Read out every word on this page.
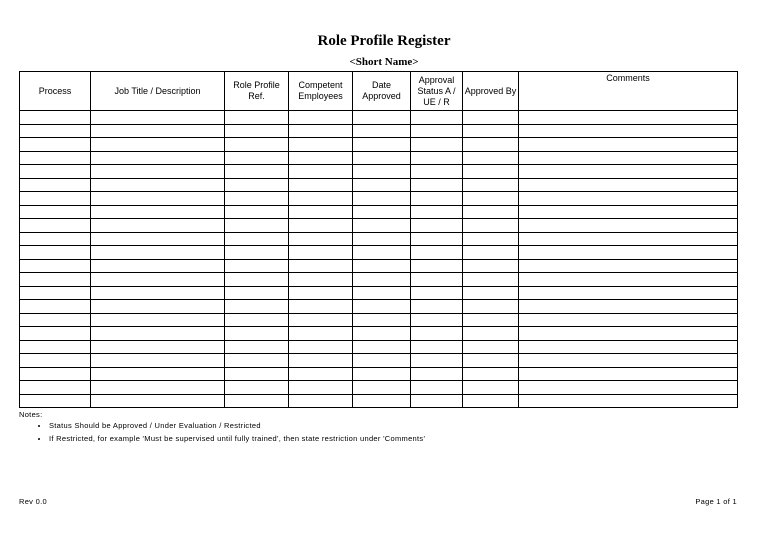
Role Profile Register
<Short Name>
Process	Job Title / Description	Role Profile Ref.	Competent Employees	Date Approved	Approval Status A / UE / R	Approved By	Comments

Notes:
• Status Should be Approved / Under Evaluation / Restricted
• If Restricted, for example 'Must be supervised until fully trained', then state restriction under 'Comments'
Rev 0.0	Page 1 of 1
